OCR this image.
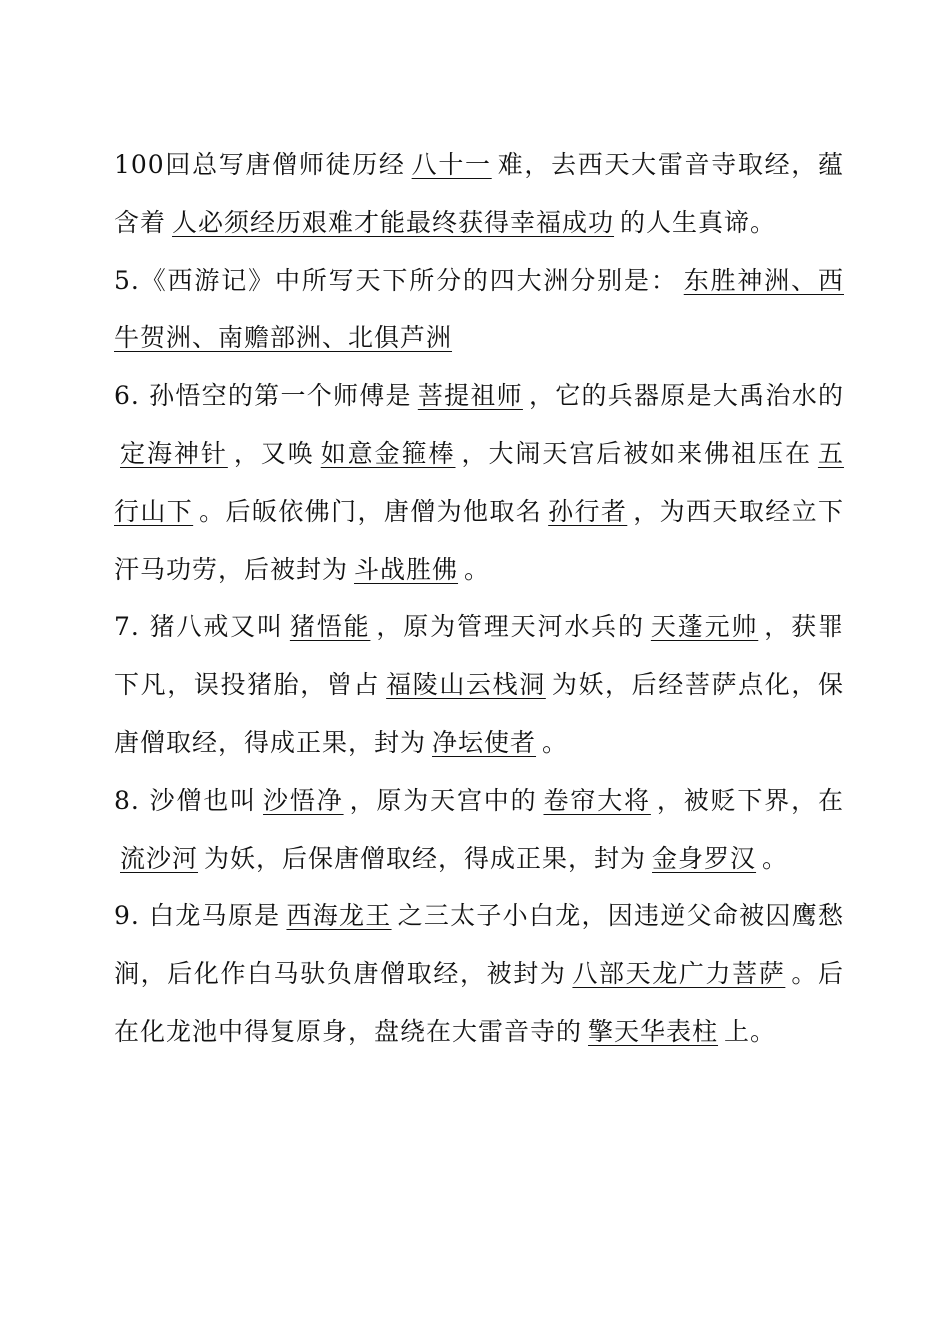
100回总写唐僧师徒历经 八十一 难，去西天大雷音寺取经，蕴含着 人必须经历艰难才能最终获得幸福成功 的人生真谛。

5.《西游记》中所写天下所分的四大洲分别是： 东胜神洲、西牛贺洲、南赡部洲、北俱芦洲

6. 孙悟空的第一个师傅是 菩提祖师 ，它的兵器原是大禹治水的定海神针 ，又唤 如意金箍棒 ，大闹天宫后被如来佛祖压在 五行山下 。后皈依佛门，唐僧为他取名 孙行者 ，为西天取经立下汗马功劳，后被封为 斗战胜佛 。

7. 猪八戒又叫 猪悟能 ，原为管理天河水兵的 天蓬元帅 ，获罪下凡，误投猪胎，曾占 福陵山云栈洞 为妖，后经菩萨点化，保唐僧取经，得成正果，封为 净坛使者 。

8. 沙僧也叫 沙悟净 ，原为天宫中的 卷帘大将 ，被贬下界，在流沙河 为妖，后保唐僧取经，得成正果，封为 金身罗汉 。

9. 白龙马原是 西海龙王 之三太子小白龙，因违逆父命被囚鹰愁涧，后化作白马驮负唐僧取经，被封为 八部天龙广力菩萨 。后在化龙池中得复原身，盘绕在大雷音寺的 擎天华表柱 上。
